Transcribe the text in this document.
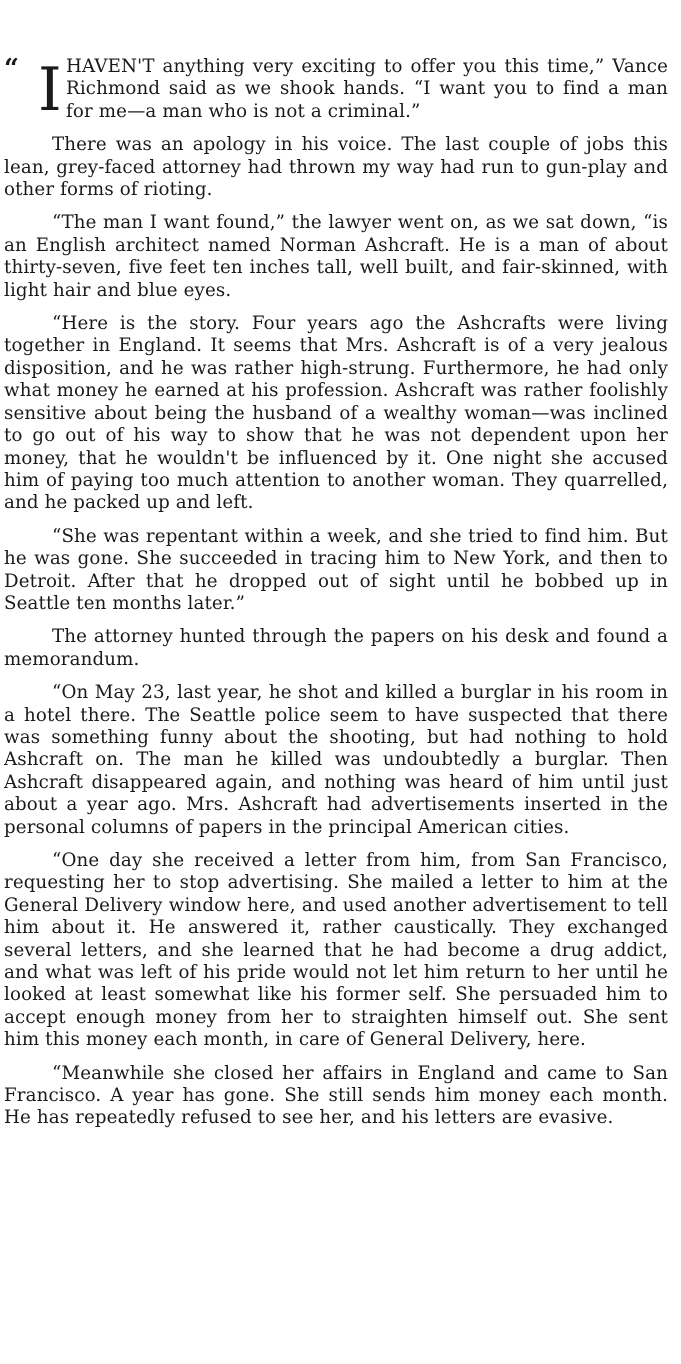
“ I HAVEN'T anything very exciting to offer you this time,” Vance Richmond said as we shook hands. “I want you to find a man for me—a man who is not a criminal.”

There was an apology in his voice. The last couple of jobs this lean, grey-faced attorney had thrown my way had run to gun-play and other forms of rioting.

“The man I want found,” the lawyer went on, as we sat down, “is an English architect named Norman Ashcraft. He is a man of about thirty-seven, five feet ten inches tall, well built, and fair-skinned, with light hair and blue eyes.

“Here is the story. Four years ago the Ashcrafts were living together in England. It seems that Mrs. Ashcraft is of a very jealous disposition, and he was rather high-strung. Furthermore, he had only what money he earned at his profession. Ashcraft was rather foolishly sensitive about being the husband of a wealthy woman—was inclined to go out of his way to show that he was not dependent upon her money, that he wouldn't be influenced by it. One night she accused him of paying too much attention to another woman. They quarrelled, and he packed up and left.

“She was repentant within a week, and she tried to find him. But he was gone. She succeeded in tracing him to New York, and then to Detroit. After that he dropped out of sight until he bobbed up in Seattle ten months later.”

The attorney hunted through the papers on his desk and found a memorandum.

“On May 23, last year, he shot and killed a burglar in his room in a hotel there. The Seattle police seem to have suspected that there was something funny about the shooting, but had nothing to hold Ashcraft on. The man he killed was undoubtedly a burglar. Then Ashcraft disappeared again, and nothing was heard of him until just about a year ago. Mrs. Ashcraft had advertisements inserted in the personal columns of papers in the principal American cities.

“One day she received a letter from him, from San Francisco, requesting her to stop advertising. She mailed a letter to him at the General Delivery window here, and used another advertisement to tell him about it. He answered it, rather caustically. They exchanged several letters, and she learned that he had become a drug addict, and what was left of his pride would not let him return to her until he looked at least somewhat like his former self. She persuaded him to accept enough money from her to straighten himself out. She sent him this money each month, in care of General Delivery, here.

“Meanwhile she closed her affairs in England and came to San Francisco. A year has gone. She still sends him money each month. He has repeatedly refused to see her, and his letters are evasive.
